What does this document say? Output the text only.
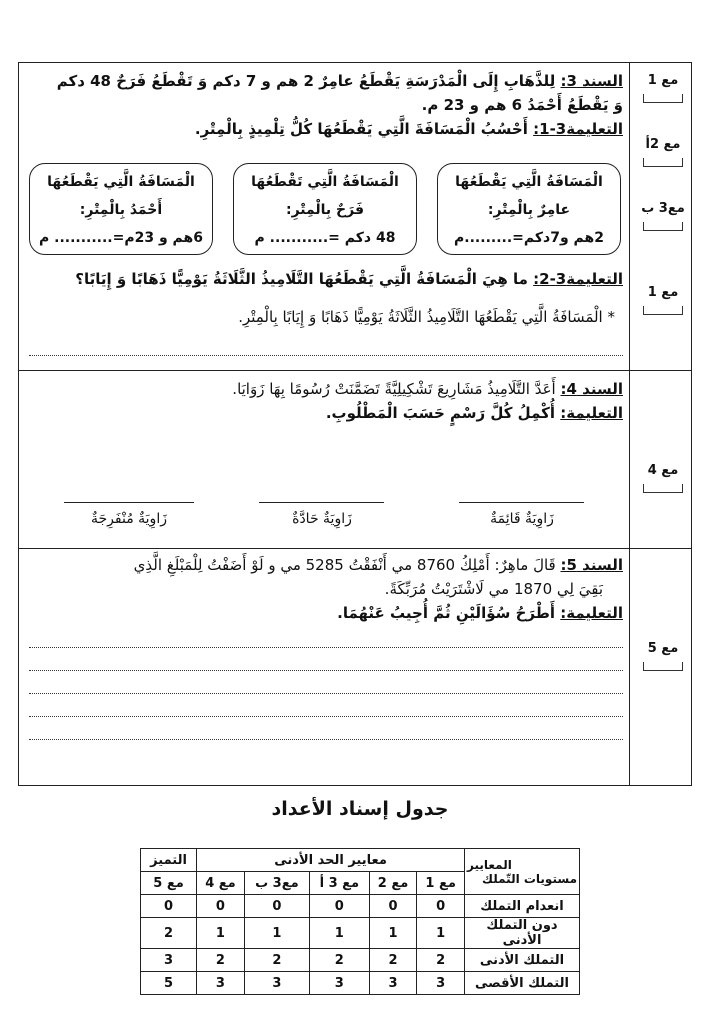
السند 3: لِلذَّهَابِ إِلَى الْمَدْرَسَةِ يَقْطَعُ عامِرٌ 2 هم و 7 دكم وَ تَقْطَعُ فَرَحٌ 48 دكم
وَ يَقْطَعُ أَحْمَدُ 6 هم و 23 م.
التعليمة3-1: أَحْسُبُ الْمَسَافَةَ الَّتِي يَقْطَعُهَا كُلُّ تِلْمِيذٍ بِالْمِتْرِ.
الْمَسَافَةُ الَّتِي يَقْطَعُهَا
عامِرٌ بِالْمِتْرِ:
2هم و7دكم=.........م
الْمَسَافَةُ الَّتِي تَقْطَعُهَا
فَرَحٌ بِالْمِتْرِ:
48 دكم =........... م
الْمَسَافَةُ الَّتِي يَقْطَعُهَا
أَحْمَدُ بِالْمِتْرِ:
6هم و 23م=........... م
التعليمة3-2: ما هِيَ الْمَسَافَةُ الَّتِي يَقْطَعُهَا التَّلَامِيذُ الثَّلَاثَةُ يَوْمِيًّا ذَهَابًا وَ إِيَابًا؟
* الْمَسَافَةُ الَّتِي يَقْطَعُهَا التَّلَامِيذُ الثَّلَاثَةُ يَوْمِيًّا ذَهَابًا وَ إِيَابًا بِالْمِتْرِ.
السند 4: أَعَدَّ التَّلَامِيذُ مَشَارِيعَ تَشْكِيلِيَّةً تَضَمَّنَتْ رُسُومًا بِهَا زَوَايَا.
التعليمة: أُكْمِلُ كُلَّ رَسْمٍ حَسَبَ الْمَطْلُوبِ.
زَاوِيَةٌ قَائِمَةٌ
زَاوِيَةٌ حَادَّةٌ
زَاوِيَةٌ مُنْفَرِجَةٌ
السند 5: قَالَ ماهِرٌ: أَمْلِكُ 8760 مي أَنْفَقْتُ 5285 مي و لَوْ أَضَفْتُ لِلْمَبْلَغِ الَّذِي
بَقِيَ لِي 1870 مي لَاشْتَرَيْتُ مُرَبِّكَةً.
التعليمة: أَطْرَحُ سُؤَالَيْنِ ثُمَّ أُجِيبُ عَنْهُمَا.
مع 1
مع 2أ
مع3 ب
مع 1
مع 4
مع 5
جدول إسناد الأعداد
المعايير
مستويات التّملك	معايير الحد الأدنى					التميز
	مع 1	مع 2	مع 3 أ	مع3 ب	مع 4	مع 5
انعدام التملك	0	0	0	0	0	0
دون التملك الأدنى	1	1	1	1	1	2
التملك الأدنى	2	2	2	2	2	3
التملك الأقصى	3	3	3	3	3	5
